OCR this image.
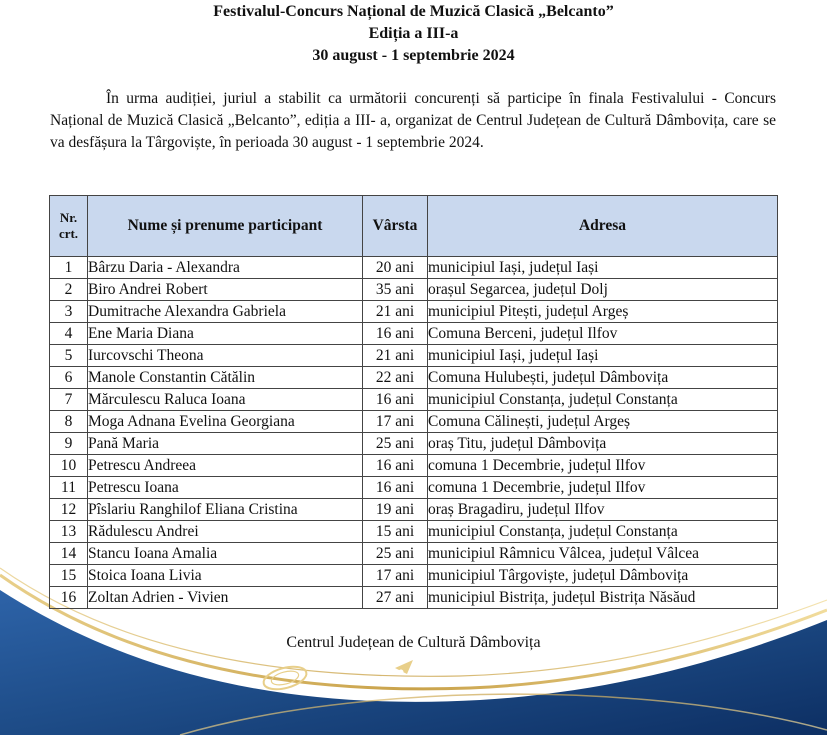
Festivalul-Concurs Național de Muzică Clasică „Belcanto”
Ediția a III-a
30 august - 1 septembrie 2024
În urma audiției, juriul a stabilit ca următorii concurenți să participe în finala Festivalului - Concurs Național de Muzică Clasică „Belcanto”, ediția a III- a, organizat de Centrul Județean de Cultură Dâmbovița, care se va desfășura la Târgoviște, în perioada 30 august - 1 septembrie 2024.
Nr.
crt.	Nume și prenume participant	Vârsta	Adresa
1	Bârzu Daria - Alexandra	20 ani	municipiul Iași, județul Iași
2	Biro Andrei Robert	35 ani	orașul Segarcea, județul Dolj
3	Dumitrache Alexandra Gabriela	21 ani	municipiul Pitești, județul Argeș
4	Ene Maria Diana	16 ani	Comuna Berceni, județul Ilfov
5	Iurcovschi Theona	21 ani	municipiul Iași, județul Iași
6	Manole Constantin Cătălin	22 ani	Comuna Hulubești, județul Dâmbovița
7	Mărculescu Raluca Ioana	16 ani	municipiul Constanța, județul Constanța
8	Moga Adnana Evelina Georgiana	17 ani	Comuna Călinești, județul Argeș
9	Pană Maria	25 ani	oraș Titu, județul Dâmbovița
10	Petrescu Andreea	16 ani	comuna 1 Decembrie, județul Ilfov
11	Petrescu Ioana	16 ani	comuna 1 Decembrie, județul Ilfov
12	Pîslariu Ranghilof Eliana Cristina	19 ani	oraș Bragadiru, județul Ilfov
13	Rădulescu Andrei	15 ani	municipiul Constanța, județul Constanța
14	Stancu Ioana Amalia	25 ani	municipiul Râmnicu Vâlcea, județul Vâlcea
15	Stoica Ioana Livia	17 ani	municipiul Târgoviște, județul Dâmbovița
16	Zoltan Adrien - Vivien	27 ani	municipiul Bistrița, județul Bistrița Năsăud
Centrul Județean de Cultură Dâmbovița
